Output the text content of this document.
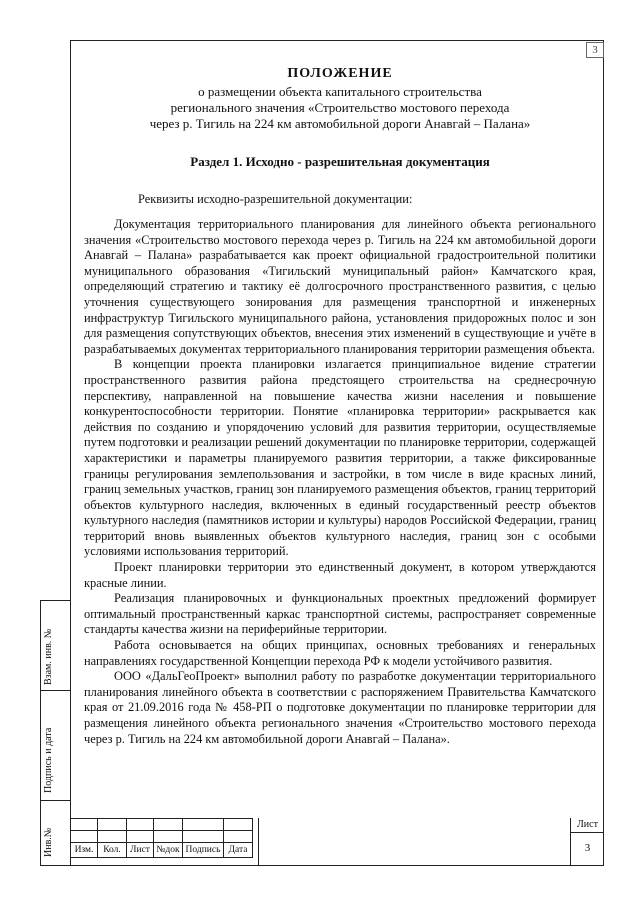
3

ПОЛОЖЕНИЕ

о размещении объекта капитального строительства

регионального значения «Строительство мостового перехода

через р. Тигиль на 224 км автомобильной дороги Анавгай – Палана»

Раздел 1. Исходно - разрешительная документация

Реквизиты исходно-разрешительной документации:

Документация территориального планирования для линейного объекта регионального значения «Строительство мостового перехода через р. Тигиль на 224 км автомобильной дороги Анавгай – Палана» разрабатывается как проект официальной градостроительной политики муниципального образования «Тигильский муниципальный район» Камчатского края, определяющий стратегию и тактику её долгосрочного пространственного развития, с целью уточнения существующего зонирования для размещения транспортной и инженерных инфраструктур Тигильского муниципального района, установления придорожных полос и зон для размещения сопутствующих объектов, внесения этих изменений в существующие и учёте в разрабатываемых документах территориального планирования территории размещения объекта.

В концепции проекта планировки излагается принципиальное видение стратегии пространственного развития района предстоящего строительства на среднесрочную перспективу, направленной на повышение качества жизни населения и повышение конкурентоспособности территории. Понятие «планировка территории» раскрывается как действия по созданию и упорядочению условий для развития территории, осуществляемые путем подготовки и реализации решений документации по планировке территории, содержащей характеристики и параметры планируемого развития территории, а также фиксированные границы регулирования землепользования и застройки, в том числе в виде красных линий, границ земельных участков, границ зон планируемого размещения объектов, границ территорий объектов культурного наследия, включенных в единый государственный реестр объектов культурного наследия (памятников истории и культуры) народов Российской Федерации, границ территорий вновь выявленных объектов культурного наследия, границ зон с особыми условиями использования территорий.

Проект планировки территории это единственный документ, в котором утверждаются красные линии.

Реализация планировочных и функциональных проектных предложений формирует оптимальный пространственный каркас транспортной системы, распространяет современные стандарты качества жизни на периферийные территории.

Работа основывается на общих принципах, основных требованиях и генеральных направлениях государственной Концепции перехода РФ к модели устойчивого развития.

ООО «ДальГеоПроект» выполнил работу по разработке документации территориального планирования линейного объекта в соответствии с распоряжением Правительства Камчатского края от 21.09.2016 года № 458-РП о подготовке документации по планировке территории для размещения линейного объекта регионального значения «Строительство мостового перехода через р. Тигиль на 224 км автомобильной дороги Анавгай – Палана».

Взам. инв. №
Подпись и дата
Инв.№

					Изм.	Кол.	Лист	№док	Подпись	Дата
Лист
3
